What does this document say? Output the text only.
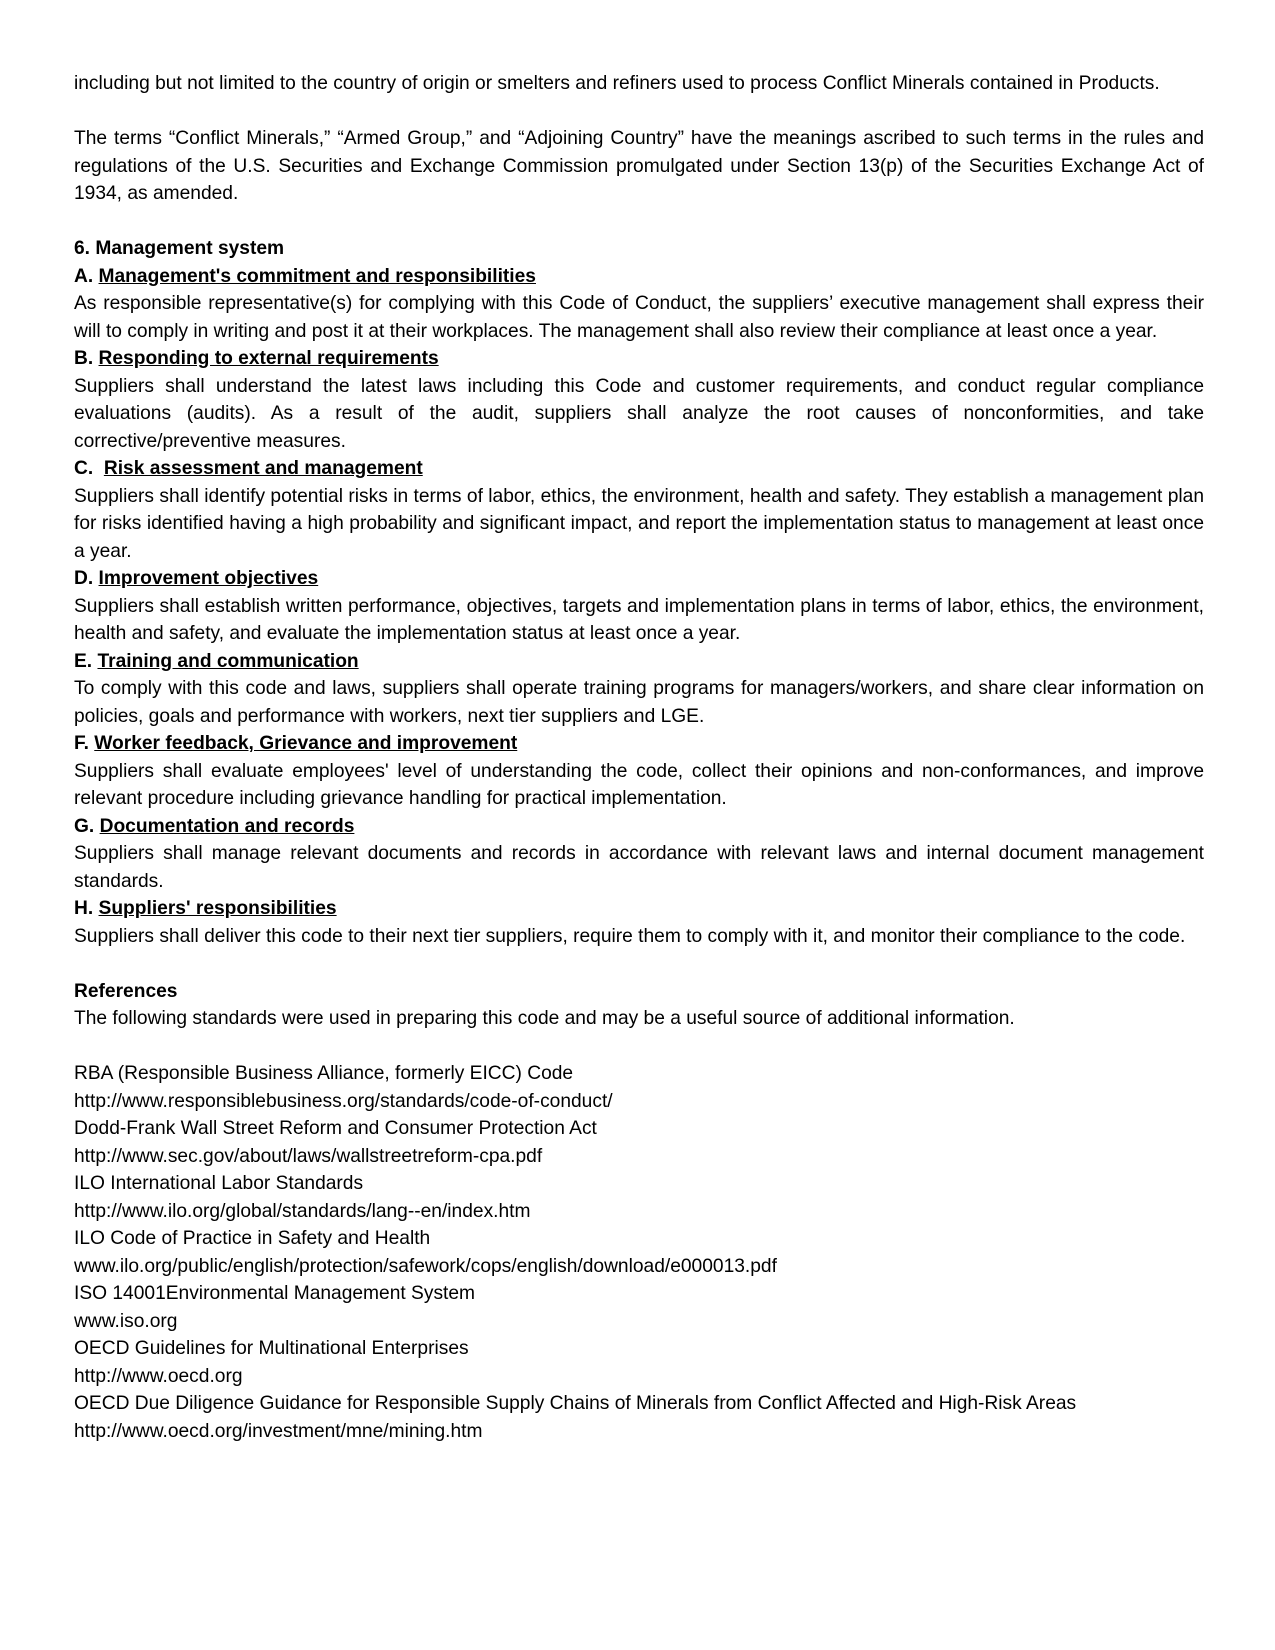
including but not limited to the country of origin or smelters and refiners used to process Conflict Minerals contained in Products.

The terms “Conflict Minerals,” “Armed Group,” and “Adjoining Country” have the meanings ascribed to such terms in the rules and regulations of the U.S. Securities and Exchange Commission promulgated under Section 13(p) of the Securities Exchange Act of 1934, as amended.

6. Management system

A. Management's commitment and responsibilities

As responsible representative(s) for complying with this Code of Conduct, the suppliers’ executive management shall express their will to comply in writing and post it at their workplaces. The management shall also review their compliance at least once a year.

B. Responding to external requirements

Suppliers shall understand the latest laws including this Code and customer requirements, and conduct regular compliance evaluations (audits). As a result of the audit, suppliers shall analyze the root causes of nonconformities, and take corrective/preventive measures.

C.  Risk assessment and management

Suppliers shall identify potential risks in terms of labor, ethics, the environment, health and safety. They establish a management plan for risks identified having a high probability and significant impact, and report the implementation status to management at least once a year.

D. Improvement objectives

Suppliers shall establish written performance, objectives, targets and implementation plans in terms of labor, ethics, the environment, health and safety, and evaluate the implementation status at least once a year.

E. Training and communication

To comply with this code and laws, suppliers shall operate training programs for managers/workers, and share clear information on policies, goals and performance with workers, next tier suppliers and LGE.

F. Worker feedback, Grievance and improvement

Suppliers shall evaluate employees' level of understanding the code, collect their opinions and non-conformances, and improve relevant procedure including grievance handling for practical implementation.

G. Documentation and records

Suppliers shall manage relevant documents and records in accordance with relevant laws and internal document management standards.

H. Suppliers' responsibilities

Suppliers shall deliver this code to their next tier suppliers, require them to comply with it, and monitor their compliance to the code.

References

The following standards were used in preparing this code and may be a useful source of additional information.

RBA (Responsible Business Alliance, formerly EICC) Code

http://www.responsiblebusiness.org/standards/code-of-conduct/

Dodd-Frank Wall Street Reform and Consumer Protection Act

http://www.sec.gov/about/laws/wallstreetreform-cpa.pdf

ILO International Labor Standards

http://www.ilo.org/global/standards/lang--en/index.htm

ILO Code of Practice in Safety and Health

www.ilo.org/public/english/protection/safework/cops/english/download/e000013.pdf

ISO 14001Environmental Management System

www.iso.org

OECD Guidelines for Multinational Enterprises

http://www.oecd.org

OECD Due Diligence Guidance for Responsible Supply Chains of Minerals from Conflict Affected and High-Risk Areas

http://www.oecd.org/investment/mne/mining.htm
